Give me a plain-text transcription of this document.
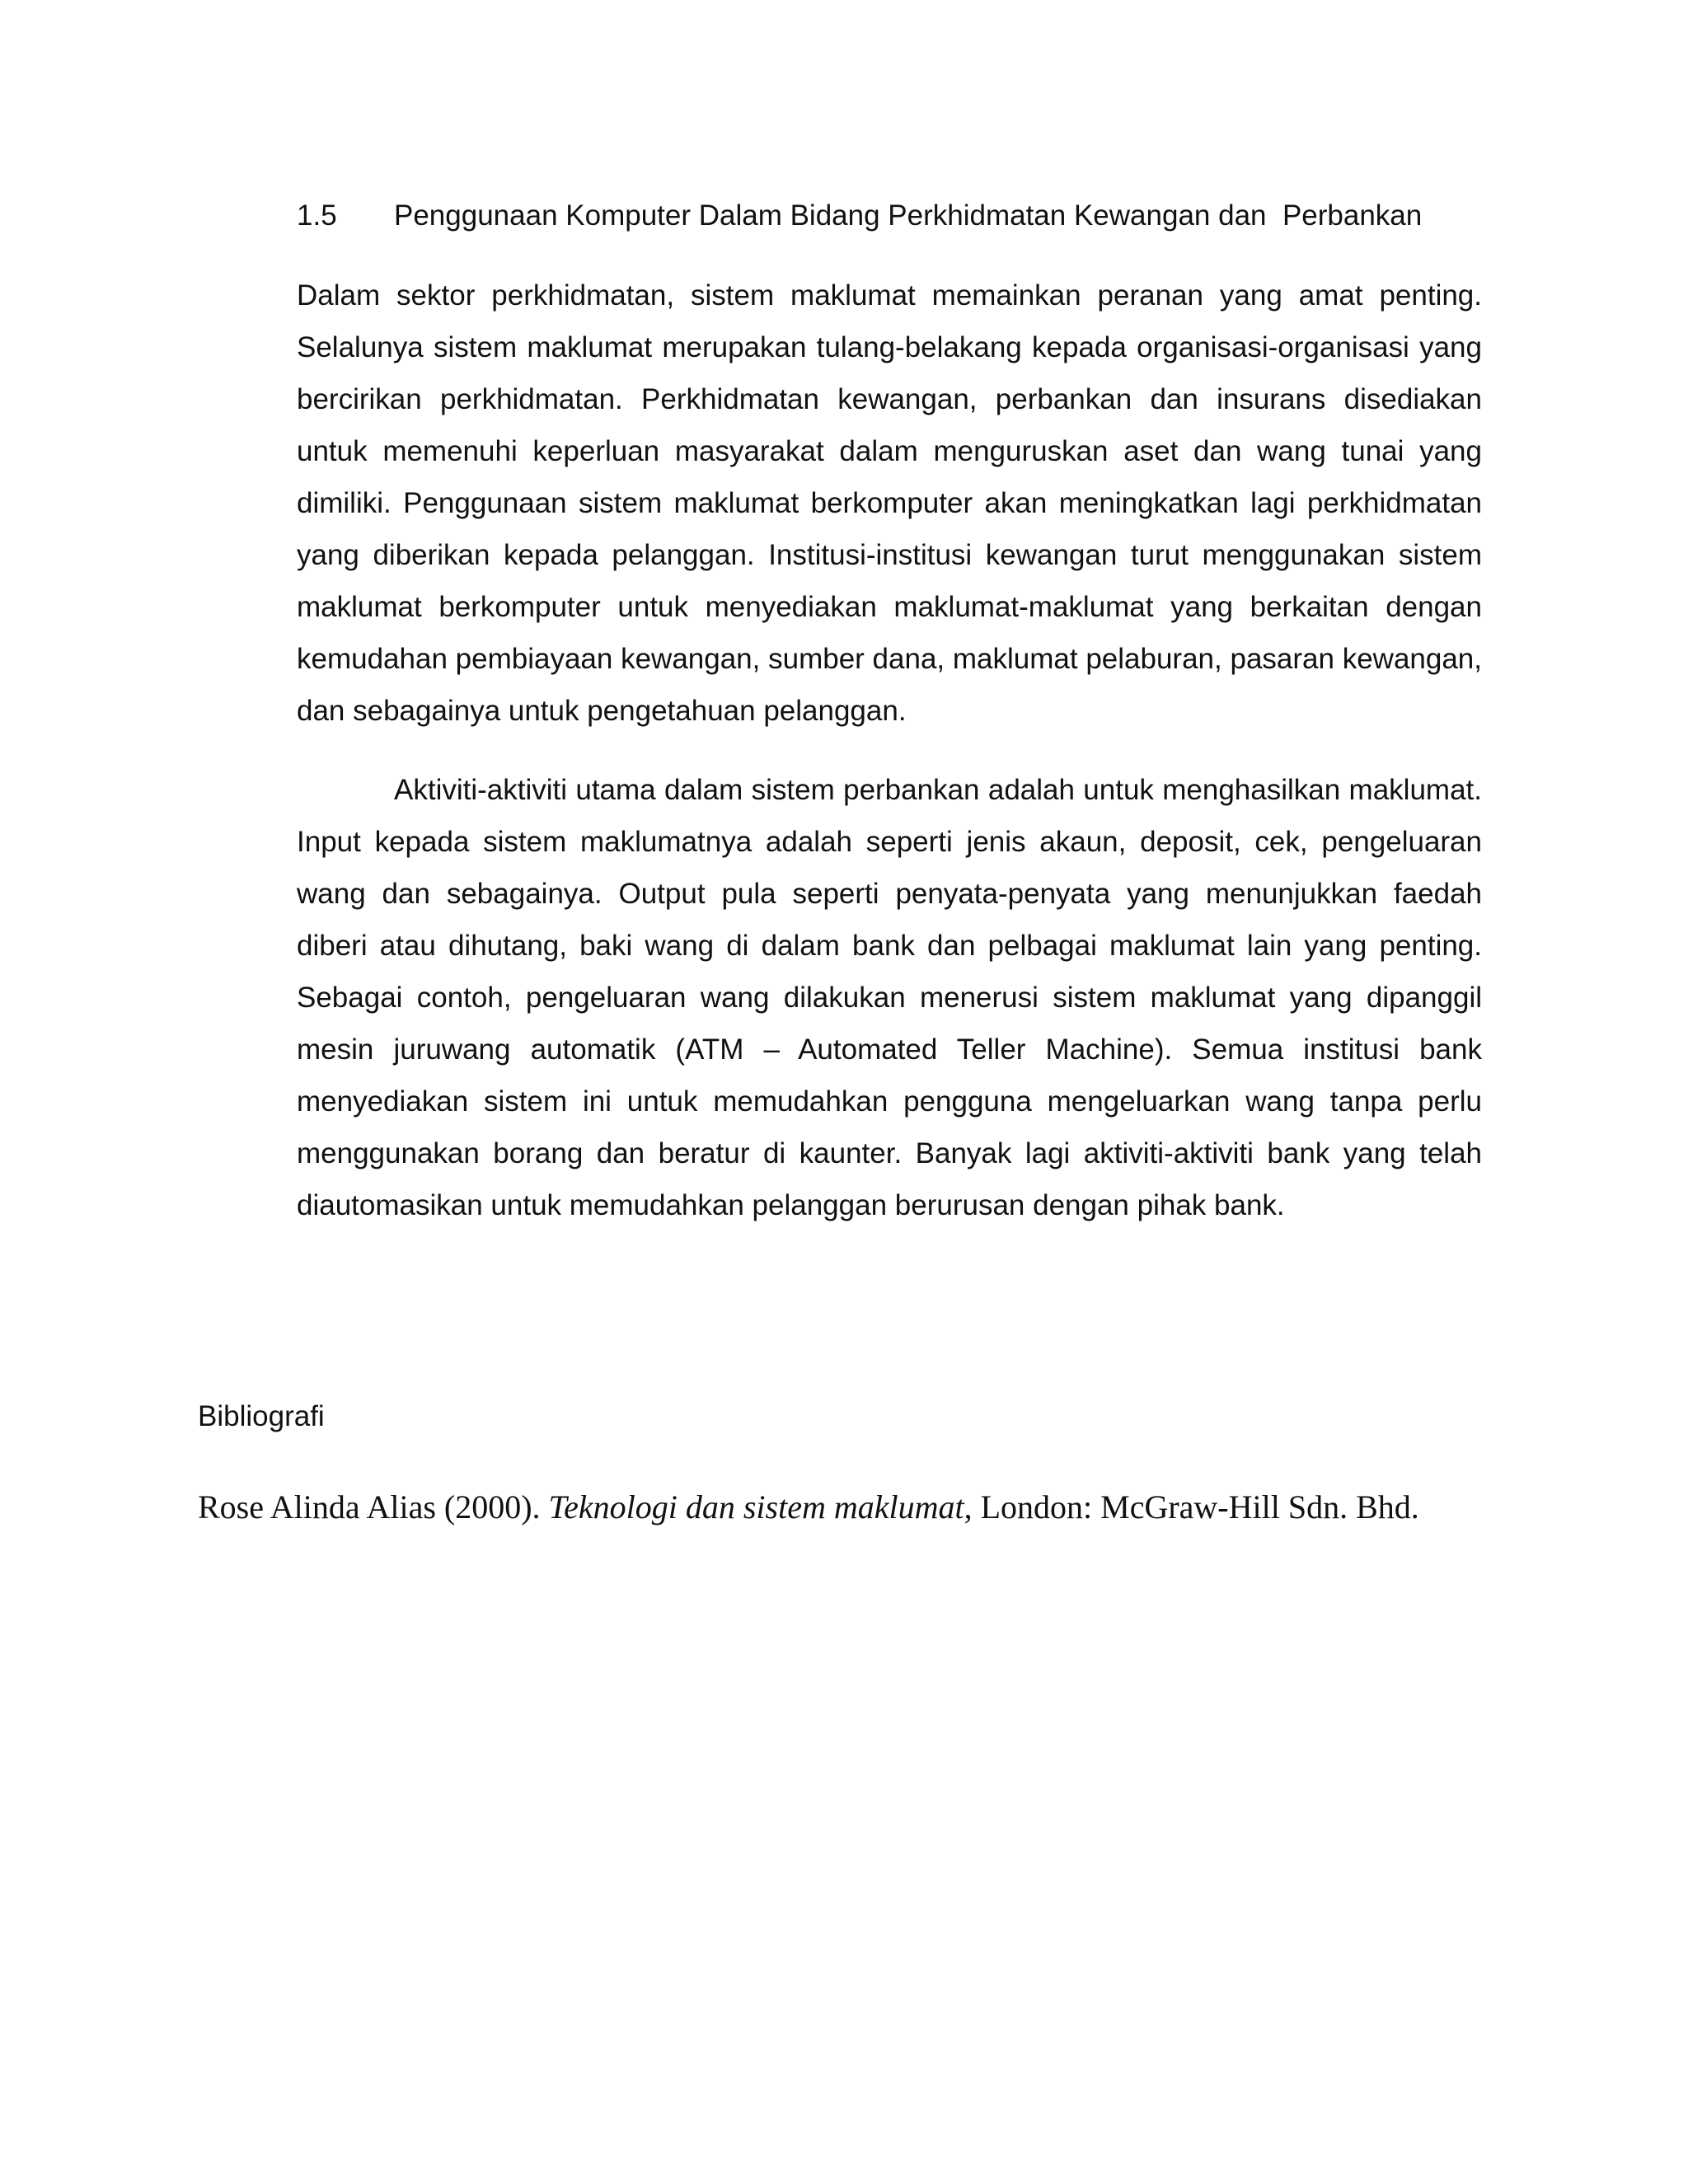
1.5 Penggunaan Komputer Dalam Bidang Perkhidmatan Kewangan dan  Perbankan

Dalam sektor perkhidmatan, sistem maklumat memainkan peranan yang amat penting. Selalunya sistem maklumat merupakan tulang-belakang kepada organisasi-organisasi yang bercirikan perkhidmatan. Perkhidmatan kewangan, perbankan dan insurans disediakan untuk memenuhi keperluan masyarakat dalam menguruskan aset dan wang tunai yang dimiliki. Penggunaan sistem maklumat berkomputer akan meningkatkan lagi perkhidmatan yang diberikan kepada pelanggan. Institusi-institusi kewangan turut menggunakan sistem maklumat berkomputer untuk menyediakan maklumat-maklumat yang berkaitan dengan kemudahan pembiayaan kewangan, sumber dana, maklumat pelaburan, pasaran kewangan, dan sebagainya untuk pengetahuan pelanggan.

Aktiviti-aktiviti utama dalam sistem perbankan adalah untuk menghasilkan maklumat. Input kepada sistem maklumatnya adalah seperti jenis akaun, deposit, cek, pengeluaran wang dan sebagainya. Output pula seperti penyata-penyata yang menunjukkan faedah diberi atau dihutang, baki wang di dalam bank dan pelbagai maklumat lain yang penting. Sebagai contoh, pengeluaran wang dilakukan menerusi sistem maklumat yang dipanggil mesin juruwang automatik (ATM – Automated Teller Machine). Semua institusi bank menyediakan sistem ini untuk memudahkan pengguna mengeluarkan wang tanpa perlu menggunakan borang dan beratur di kaunter. Banyak lagi aktiviti-aktiviti bank yang telah diautomasikan untuk memudahkan pelanggan berurusan dengan pihak bank.

Bibliografi

Rose Alinda Alias (2000). Teknologi dan sistem maklumat, London: McGraw-Hill Sdn. Bhd.
